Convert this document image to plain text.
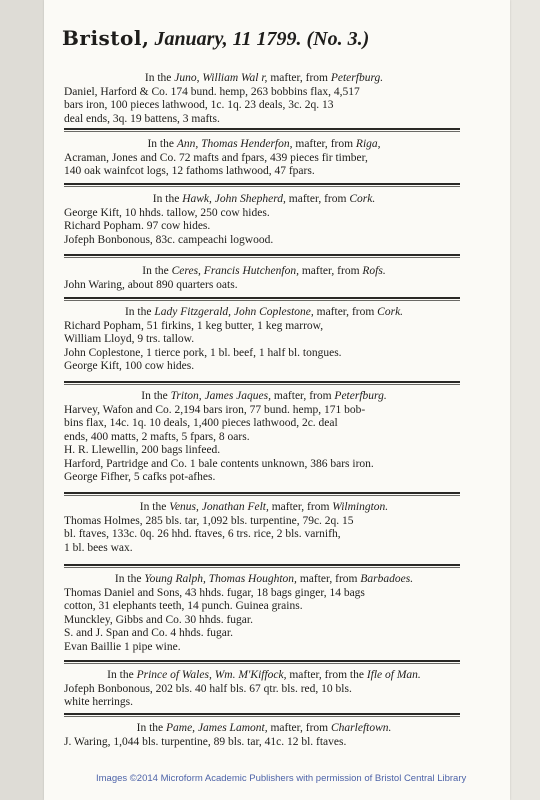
Bristol, January, 11 1799. (No. 3.)
In the Juno, William Wal r, mafter, from Peterfburg.
Daniel, Harford & Co. 174 bund. hemp, 263 bobbins flax, 4,517
bars iron, 100 pieces lathwood, 1c. 1q. 23 deals, 3c. 2q. 13
deal ends, 3q. 19 battens, 3 mafts.
In the Ann, Thomas Henderfon, mafter, from Riga,
Acraman, Jones and Co. 72 mafts and fpars, 439 pieces fir timber,
140 oak wainfcot logs, 12 fathoms lathwood, 47 fpars.
In the Hawk, John Shepherd, mafter, from Cork.
George Kift, 10 hhds. tallow, 250 cow hides.
Richard Popham. 97 cow hides.
Jofeph Bonbonous, 83c. campeachi logwood.
In the Ceres, Francis Hutchenfon, mafter, from Rofs.
John Waring, about 890 quarters oats.
In the Lady Fitzgerald, John Coplestone, mafter, from Cork.
Richard Popham, 51 firkins, 1 keg butter, 1 keg marrow,
William Lloyd, 9 trs. tallow.
John Coplestone, 1 tierce pork, 1 bl. beef, 1 half bl. tongues.
George Kift, 100 cow hides.
In the Triton, James Jaques, mafter, from Peterfburg.
Harvey, Wafon and Co. 2,194 bars iron, 77 bund. hemp, 171 bob-
bins flax, 14c. 1q. 10 deals, 1,400 pieces lathwood, 2c. deal
ends, 400 matts, 2 mafts, 5 fpars, 8 oars.
H. R. Llewellin, 200 bags linfeed.
Harford, Partridge and Co. 1 bale contents unknown, 386 bars iron.
George Fifher, 5 cafks pot-afhes.
In the Venus, Jonathan Felt, mafter, from Wilmington.
Thomas Holmes, 285 bls. tar, 1,092 bls. turpentine, 79c. 2q. 15
bl. ftaves, 133c. 0q. 26 hhd. ftaves, 6 trs. rice, 2 bls. varnifh,
1 bl. bees wax.
In the Young Ralph, Thomas Houghton, mafter, from Barbadoes.
Thomas Daniel and Sons, 43 hhds. fugar, 18 bags ginger, 14 bags
cotton, 31 elephants teeth, 14 punch. Guinea grains.
Munckley, Gibbs and Co. 30 hhds. fugar.
S. and J. Span and Co. 4 hhds. fugar.
Evan Baillie 1 pipe wine.
In the Prince of Wales, Wm. M'Kiffock, mafter, from the Ifle of Man.
Jofeph Bonbonous, 202 bls. 40 half bls. 67 qtr. bls. red, 10 bls.
white herrings.
In the Pame, James Lamont, mafter, from Charleftown.
J. Waring, 1,044 bls. turpentine, 89 bls. tar, 41c. 12 bl. ftaves.
Images ©2014 Microform Academic Publishers with permission of Bristol Central Library
